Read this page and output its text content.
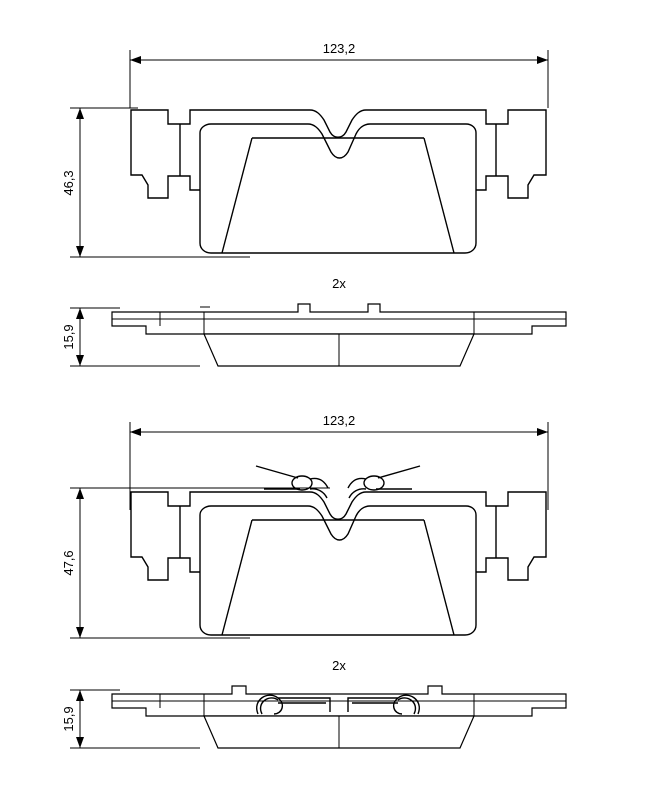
123,2
46,3
2x
15,9
123,2
47,6
2x
15,9
